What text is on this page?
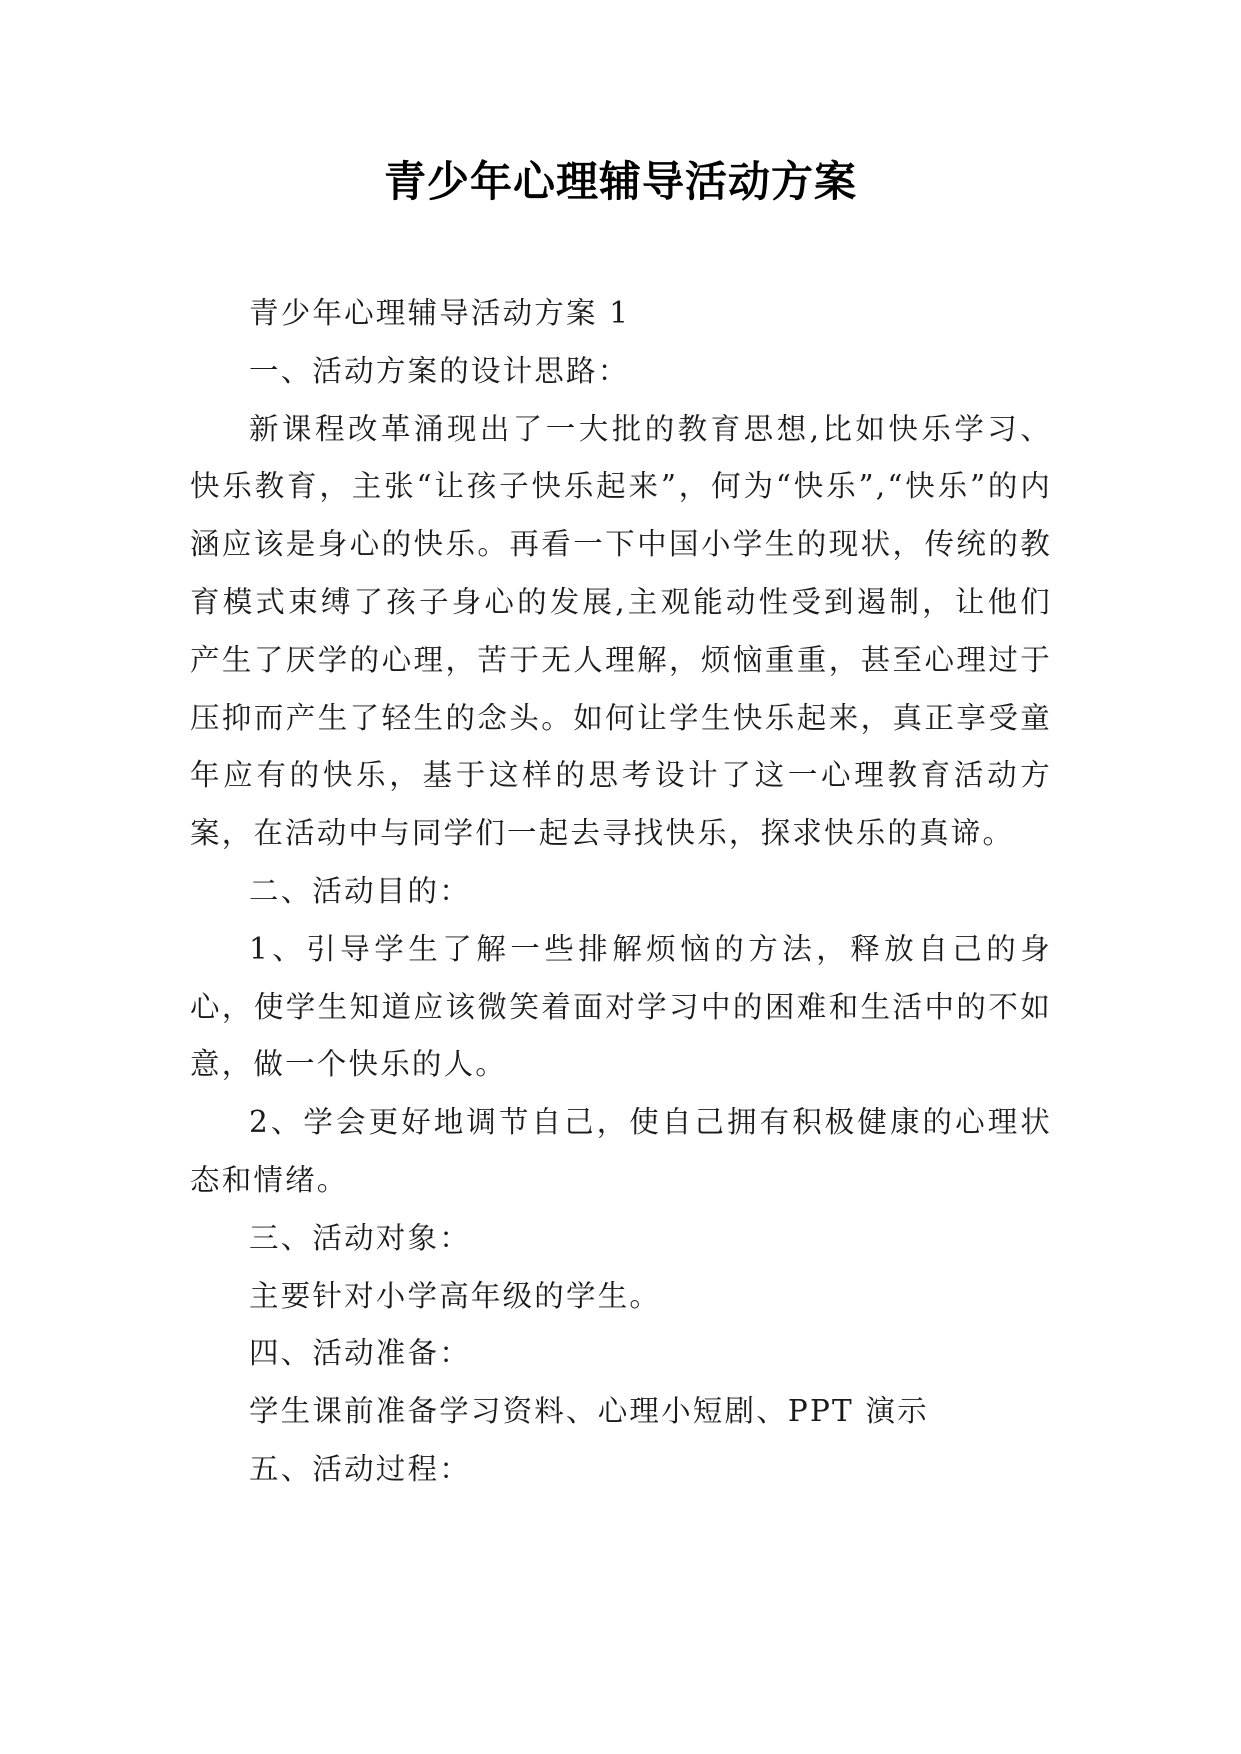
青少年心理辅导活动方案

青少年心理辅导活动方案 1

一、活动方案的设计思路：

新课程改革涌现出了一大批的教育思想,比如快乐学习、快乐教育，主张“让孩子快乐起来”，何为“快乐”,“快乐”的内涵应该是身心的快乐。再看一下中国小学生的现状，传统的教育模式束缚了孩子身心的发展,主观能动性受到遏制，让他们产生了厌学的心理，苦于无人理解，烦恼重重，甚至心理过于压抑而产生了轻生的念头。如何让学生快乐起来，真正享受童年应有的快乐，基于这样的思考设计了这一心理教育活动方案，在活动中与同学们一起去寻找快乐，探求快乐的真谛。

二、活动目的：

1、引导学生了解一些排解烦恼的方法，释放自己的身心，使学生知道应该微笑着面对学习中的困难和生活中的不如意，做一个快乐的人。

2、学会更好地调节自己，使自己拥有积极健康的心理状态和情绪。

三、活动对象：

主要针对小学高年级的学生。

四、活动准备：

学生课前准备学习资料、心理小短剧、PPT 演示

五、活动过程：
